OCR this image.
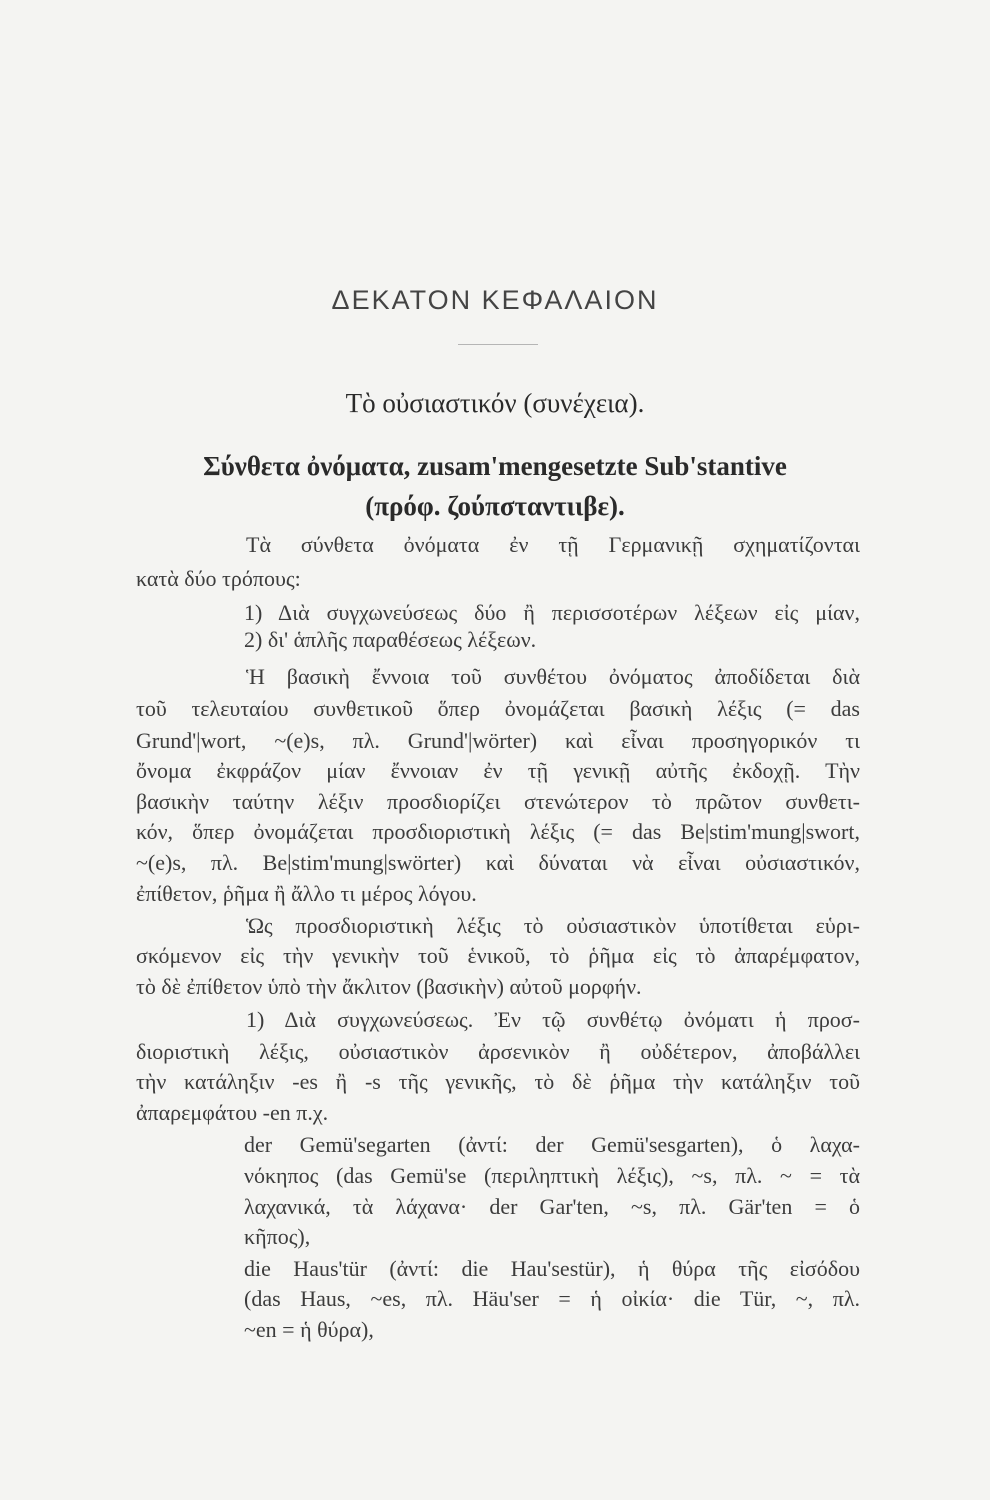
ΔΕΚΑΤΟΝ ΚΕΦΑΛΑΙΟΝ
Τὸ οὐσιαστικόν (συνέχεια).
Σύνθετα ὀνόματα, zusam'mengesetzte Sub'stantive
(πρόφ. ζούπσταντιιβε).
Τὰ σύνθετα ὀνόματα ἐν τῇ Γερμανικῇ σχηματίζονται
κατὰ δύο τρόπους:
1) Διὰ συγχωνεύσεως δύο ἢ περισσοτέρων λέξεων εἰς μίαν,
2) δι' ἁπλῆς παραθέσεως λέξεων.
Ἡ βασικὴ ἔννοια τοῦ συνθέτου ὀνόματος ἀποδίδεται διὰ
τοῦ τελευταίου συνθετικοῦ ὅπερ ὀνομάζεται βασικὴ λέξις (= das
Grund'|wort, ~(e)s, πλ. Grund'|wörter) καὶ εἶναι προσηγορικόν τι
ὄνομα ἐκφράζον μίαν ἔννοιαν ἐν τῇ γενικῇ αὐτῆς ἐκδοχῇ. Τὴν
βασικὴν ταύτην λέξιν προσδιορίζει στενώτερον τὸ πρῶτον συνθετι-
κόν, ὅπερ ὀνομάζεται προσδιοριστικὴ λέξις (= das Be|stim'mung|swort,
~(e)s, πλ. Be|stim'mung|swörter) καὶ δύναται νὰ εἶναι οὐσιαστικόν,
ἐπίθετον, ῥῆμα ἢ ἄλλο τι μέρος λόγου.
Ὡς προσδιοριστικὴ λέξις τὸ οὐσιαστικὸν ὑποτίθεται εὑρι-
σκόμενον εἰς τὴν γενικὴν τοῦ ἑνικοῦ, τὸ ῥῆμα εἰς τὸ ἀπαρέμφατον,
τὸ δὲ ἐπίθετον ὑπὸ τὴν ἄκλιτον (βασικὴν) αὐτοῦ μορφήν.
1) Διὰ συγχωνεύσεως. Ἐν τῷ συνθέτῳ ὀνόματι ἡ προσ-
διοριστικὴ λέξις, οὐσιαστικὸν ἀρσενικὸν ἢ οὐδέτερον, ἀποβάλλει
τὴν κατάληξιν -es ἢ -s τῆς γενικῆς, τὸ δὲ ῥῆμα τὴν κατάληξιν τοῦ
ἀπαρεμφάτου -en π.χ.
der Gemü'segarten (ἀντί: der Gemü'sesgarten), ὁ λαχα-
νόκηπος (das Gemü'se (περιληπτικὴ λέξις), ~s, πλ. ~ = τὰ
λαχανικά, τὰ λάχανα· der Gar'ten, ~s, πλ. Gär'ten = ὁ
κῆπος),
die Haus'tür (ἀντί: die Hau'sestür), ἡ θύρα τῆς εἰσόδου
(das Haus, ~es, πλ. Häu'ser = ἡ οἰκία· die Tür, ~, πλ.
~en = ἡ θύρα),
